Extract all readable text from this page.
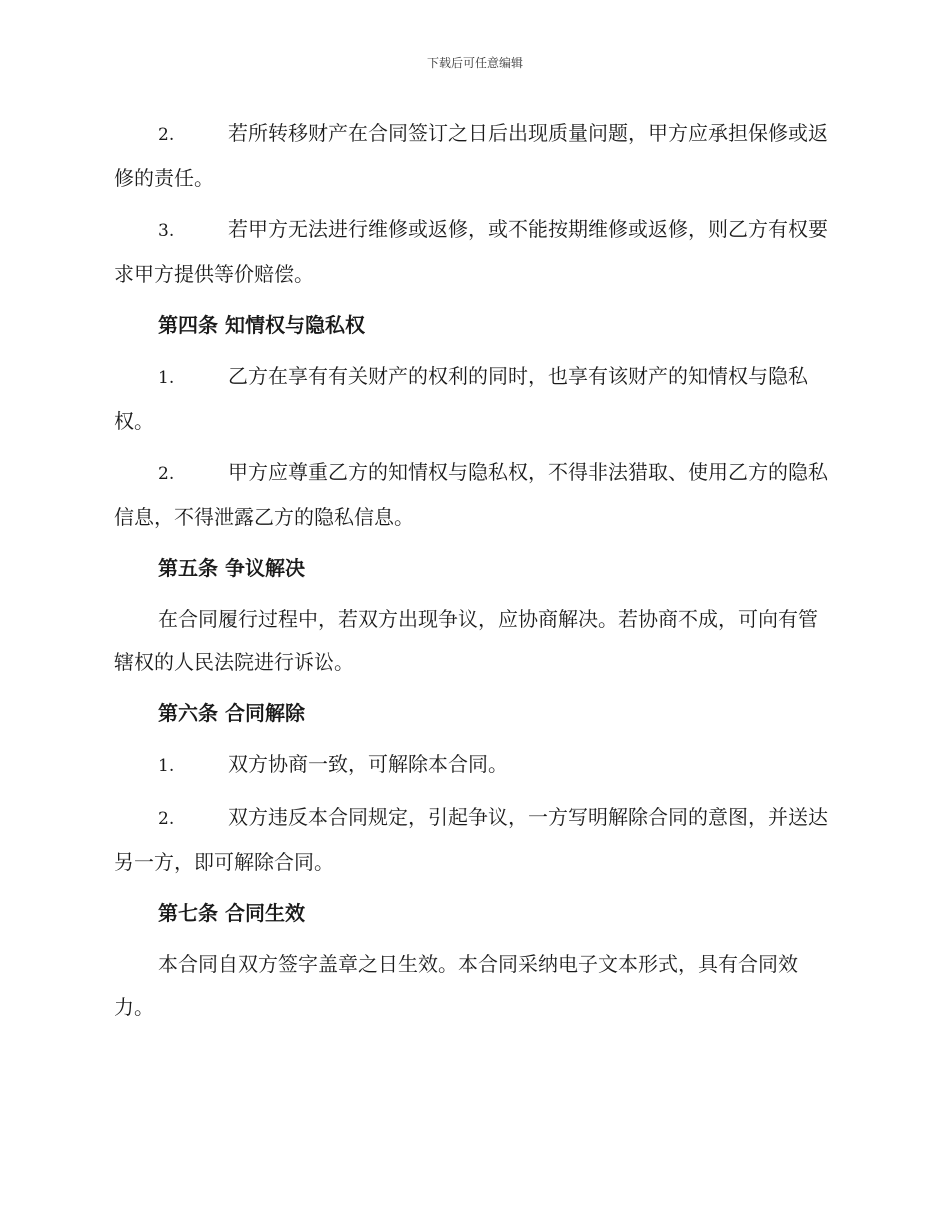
下载后可任意编辑

2.	若所转移财产在合同签订之日后出现质量问题，甲方应承担保修或返修的责任。

3.	若甲方无法进行维修或返修，或不能按期维修或返修，则乙方有权要求甲方提供等价赔偿。

第四条 知情权与隐私权

1.	乙方在享有有关财产的权利的同时，也享有该财产的知情权与隐私权。

2.	甲方应尊重乙方的知情权与隐私权，不得非法猎取、使用乙方的隐私信息，不得泄露乙方的隐私信息。

第五条 争议解决

在合同履行过程中，若双方出现争议，应协商解决。若协商不成，可向有管辖权的人民法院进行诉讼。

第六条 合同解除

1.	双方协商一致，可解除本合同。

2.	双方违反本合同规定，引起争议，一方写明解除合同的意图，并送达另一方，即可解除合同。

第七条 合同生效

本合同自双方签字盖章之日生效。本合同采纳电子文本形式，具有合同效力。
